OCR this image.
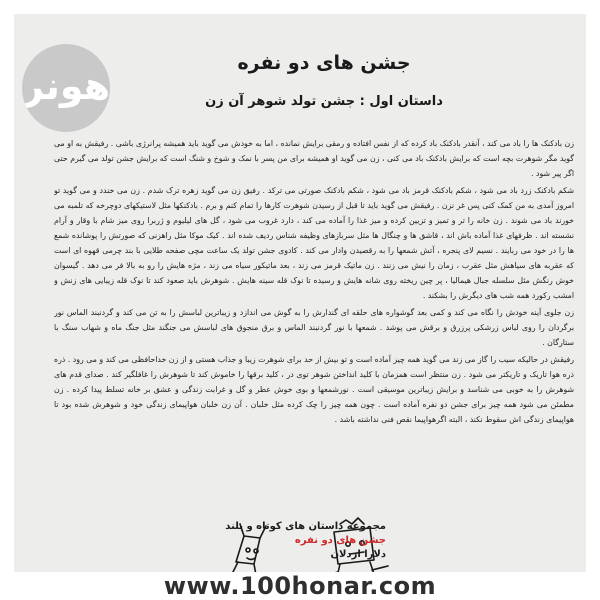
هونر
جشن های دو نفره
داستان اول : جشن تولد شوهر آن زن

زن بادکنک ها را باد می کند ، آنقدر بادکنک باد کرده که از نفس افتاده و رمقی برایش نمانده ، اما به خودش می گوید باید همیشه پرانرژی باشی . رفیقش به او می گوید مگر شوهرت بچه است که برایش بادکنک باد می کنی ، زن می گوید او همیشه برای من پسر با نمک و شوخ و شنگ است که برایش جشن تولد می گیرم حتی اگر پیر شود .

شکم بادکنک زرد باد می شود ، شکم بادکنک قرمز باد می شود ، شکم بادکنک صورتی می ترکد . رفیق زن می گوید زهره ترک شدم . زن می خندد و می گوید تو امروز آمدی به من کمک کنی پس غر نزن . رفیقش می گوید باید تا قبل از رسیدن شوهرت کارها را تمام کنم و برم . بادکنکها مثل لاستیکهای دوچرخه که تلمبه می خورند باد می شوند . زن خانه را تر و تمیز و تزیین کرده و میز غذا را آماده می کند ، دارد غروب می شود ، گل های لیلیوم و ژربرا روی میز شام با وقار و آرام نشسته اند . ظرفهای غذا آماده باش اند ، قاشق ها و چنگال ها مثل سربازهای وظیفه شناس ردیف شده اند . کیک موکا مثل راهزنی که صورتش را پوشانده شمع ها را در خود می ربایند . نسیم لای پنجره ، آتش شمعها را به رقصیدن وادار می کند . کادوی جشن تولد یک ساعت مچی صفحه طلایی با بند چرمی قهوه ای است که عقربه های سیاهش مثل عقرب ، زمان را نیش می زنند . زن ماتیک قرمز می زند ، بعد ماتیکور سیاه می زند ، مژه هایش را رو به بالا فر می دهد . گیسوان خوش رنگش مثل سلسله جبال هیمالیا ، پر چین ریخته روی شانه هایش و رسیده تا نوک قله سینه هایش . شوهرش باید صعود کند تا نوک قله زیبایی های زنش و امشب رکورد همه شب های دیگرش را بشکند .

زن جلوی آینه خودش را نگاه می کند و کمی بعد گوشواره های حلقه ای گندارش را به گوش می اندازد و زیباترین لباسش را به تن می کند و گردنبند الماس نور برگردان را روی لباس زرشکی پرزرق و برقش می پوشد . شمعها با نور گردنبند الماس و برق منجوق های لباسش می جنگند مثل جنگ ماه و شهاب سنگ با ستارگان .

رفیقش در حالیکه سیب را گاز می زند می گوید همه چیز آماده است و تو بیش از حد برای شوهرت زیبا و جذاب هستی و از زن خداحافظی می کند و می رود . ذره ذره هوا تاریک و تاریکتر می شود . زن منتظر است همزمان با کلید انداختن شوهر توی در ، کلید برقها را خاموش کند تا شوهرش را غافلگیر کند . صدای قدم های شوهرش را به خوبی می شناسد و برایش زیباترین موسیقی است . نورشمعها و بوی خوش عطر و گل و غرابت زندگی و عشق بر خانه تسلط پیدا کرده . زن مطمئن می شود همه چیز برای جشن دو نفره آماده است . چون همه چیز را چک کرده مثل خلبان . آن زن خلبان هواپیمای زندگی خود و شوهرش شده بود تا هواپیمای زندگی اش سقوط نکند ، البته اگرهواپیما نقص فنی نداشته باشد .

مجموعه داستان های کوتاه و بلند
جشن های دو نفره
دلارا اردلان
www.100honar.com
